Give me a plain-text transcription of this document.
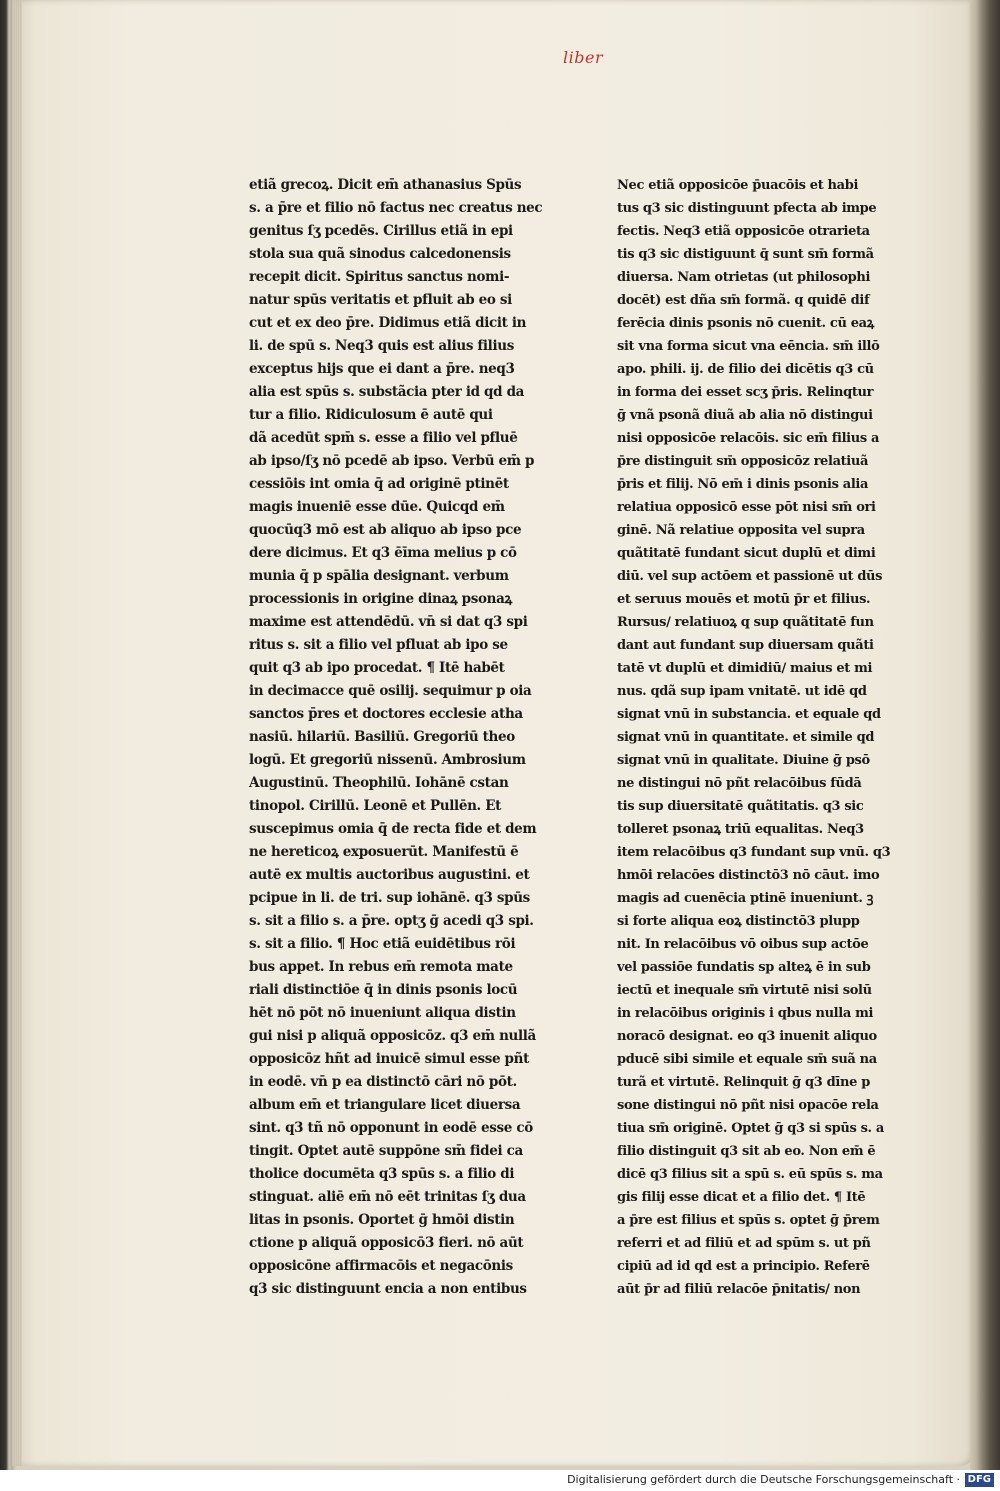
liber
etiã grecoꝝ. Dicit em̄ athanasius Spūs
s. a p̄re et filio nō factus nec creatus nec
genitus ſʒ pcedēs. Cirillus etiã in epi
stola sua quã sinodus calcedonensis
recepit dicit. Spiritus sanctus nomi-
natur spūs veritatis et pfluit ab eo si
cut et ex deo p̄re. Didimus etiã dicit in
li. de spū s. Neq3 quis est alius filius
exceptus hijs que ei dant a p̄re. neq3
alia est spūs s. substãcia pter id qd da
tur a filio. Ridiculosum ē autē qui
dã acedūt spm̄ s. esse a filio vel pfluē
ab ipso/ſʒ nō pcedē ab ipso. Verbū em̄ p
cessiōis int omia q̄ ad originē ptinēt
magis inueniē esse dūe. Quicqd em̄
quocūq3 mō est ab aliquo ab ipso pce
dere dicimus. Et q3 ēīma melius p cō
munia q̄ p spālia designant. verbum
processionis in origine dinaꝝ psonaꝝ
maxime est attendēdū. vn̄ si dat q3 spi
ritus s. sit a filio vel pfluat ab ipo se
quit q3 ab ipo procedat. ¶ Itē habēt
in decimacce quē osilij. sequimur p oia
sanctos p̄res et doctores ecclesie atha
nasiū. hilariū. Basiliū. Gregoriū theo
logū. Et gregoriū nissenū. Ambrosium
Augustinū. Theophilū. Iohānē cstan
tinopol. Cirillū. Leonē et Pullēn. Et
suscepimus omia q̄ de recta fide et dem
ne hereticoꝝ exposuerūt. Manifestū ē
autē ex multis auctoribus augustini. et
pcipue in li. de tri. sup iohānē. q3 spūs
s. sit a filio s. a p̄re. optʒ ḡ acedi q3 spi.
s. sit a filio. ¶ Hoc etiã euidētibus rōi
bus appet. In rebus em̄ remota mate
riali distinctiōe q̄ in dinis psonis locū
hēt nō pōt nō inueniunt aliqua distin
gui nisi p aliquã opposicōz. q3 em̄ nullã
opposicōz hñt ad inuicē simul esse pñt
in eodē. vn̄ p ea distinctō cāri nō pōt.
album em̄ et triangulare licet diuersa
sint. q3 tñ nō opponunt in eodē esse cō
tingit. Optet autē suppōne sm̄ fidei ca
tholice documēta q3 spūs s. a filio di
stinguat. aliē em̄ nō eēt trinitas ſʒ dua
litas in psonis. Oportet ḡ hmōi distin
ctione p aliquã opposicō3 fieri. nō aūt
opposicōne affirmacōis et negacōnis
q3 sic distinguunt encia a non entibus
Nec etiã opposicōe p̄uacōis et habi
tus q3 sic distinguunt pfecta ab impe
fectis. Neq3 etiã opposicōe otrarieta
tis q3 sic distiguunt q̄ sunt sm̄ formã
diuersa. Nam otrietas (ut philosophi
docēt) est dña sm̄ formã. q quidē dif
ferēcia dinis psonis nō cuenit. cū eaꝝ
sit vna forma sicut vna eēncia. sm̄ illō
apo. phili. ij. de filio dei dicētis q3 cū
in forma dei esset scʒ p̄ris. Relinqtur
ḡ vnã psonã diuã ab alia nō distingui
nisi opposicōe relacōis. sic em̄ filius a
p̄re distinguit sm̄ opposicōz relatiuã
p̄ris et filij. Nō em̄ i dinis psonis alia
relatiua opposicō esse pōt nisi sm̄ ori
ginē. Nã relatiue opposita vel supra
quãtitatē fundant sicut duplū et dimi
diū. vel sup actōem et passionē ut dūs
et seruus mouēs et motū p̄r et filius.
Rursus/ relatiuoꝝ q sup quãtitatē fun
dant aut fundant sup diuersam quãti
tatē vt duplū et dimidiū/ maius et mi
nus. qdã sup ipam vnitatē. ut idē qd
signat vnū in substancia. et equale qd
signat vnū in quantitate. et simile qd
signat vnū in qualitate. Diuine ḡ psō
ne distingui nō pñt relacōibus fūdā
tis sup diuersitatē quãtitatis. q3 sic
tolleret psonaꝝ triū equalitas. Neq3
item relacōibus q3 fundant sup vnū. q3
hmōi relacōes distinctō3 nō cāut. imo
magis ad cuenēcia ptinē inueniunt. ꝫ
si forte aliqua eoꝝ distinctō3 plupp
nit. In relacōibus vō oibus sup actōe
vel passiōe fundatis sp alteꝝ ē in sub
iectū et inequale sm̄ virtutē nisi solū
in relacōibus originis i qbus nulla mi
noracō designat. eo q3 inuenit aliquo
pducē sibi simile et equale sm̄ suã na
turã et virtutē. Relinquit ḡ q3 dīne p
sone distingui nō pñt nisi opacōe rela
tiua sm̄ originē. Optet ḡ q3 si spūs s. a
filio distinguit q3 sit ab eo. Non em̄ ē
dicē q3 filius sit a spū s. eū spūs s. ma
gis filij esse dicat et a filio det. ¶ Itē
a p̄re est filius et spūs s. optet ḡ p̄rem
referri et ad filiū et ad spūm s. ut pñ
cipiū ad id qd est a principio. Referē
aūt p̄r ad filiū relacōe p̄nitatis/ non
Digitalisierung gefördert durch die Deutsche Forschungsgemeinschaft · DFG
